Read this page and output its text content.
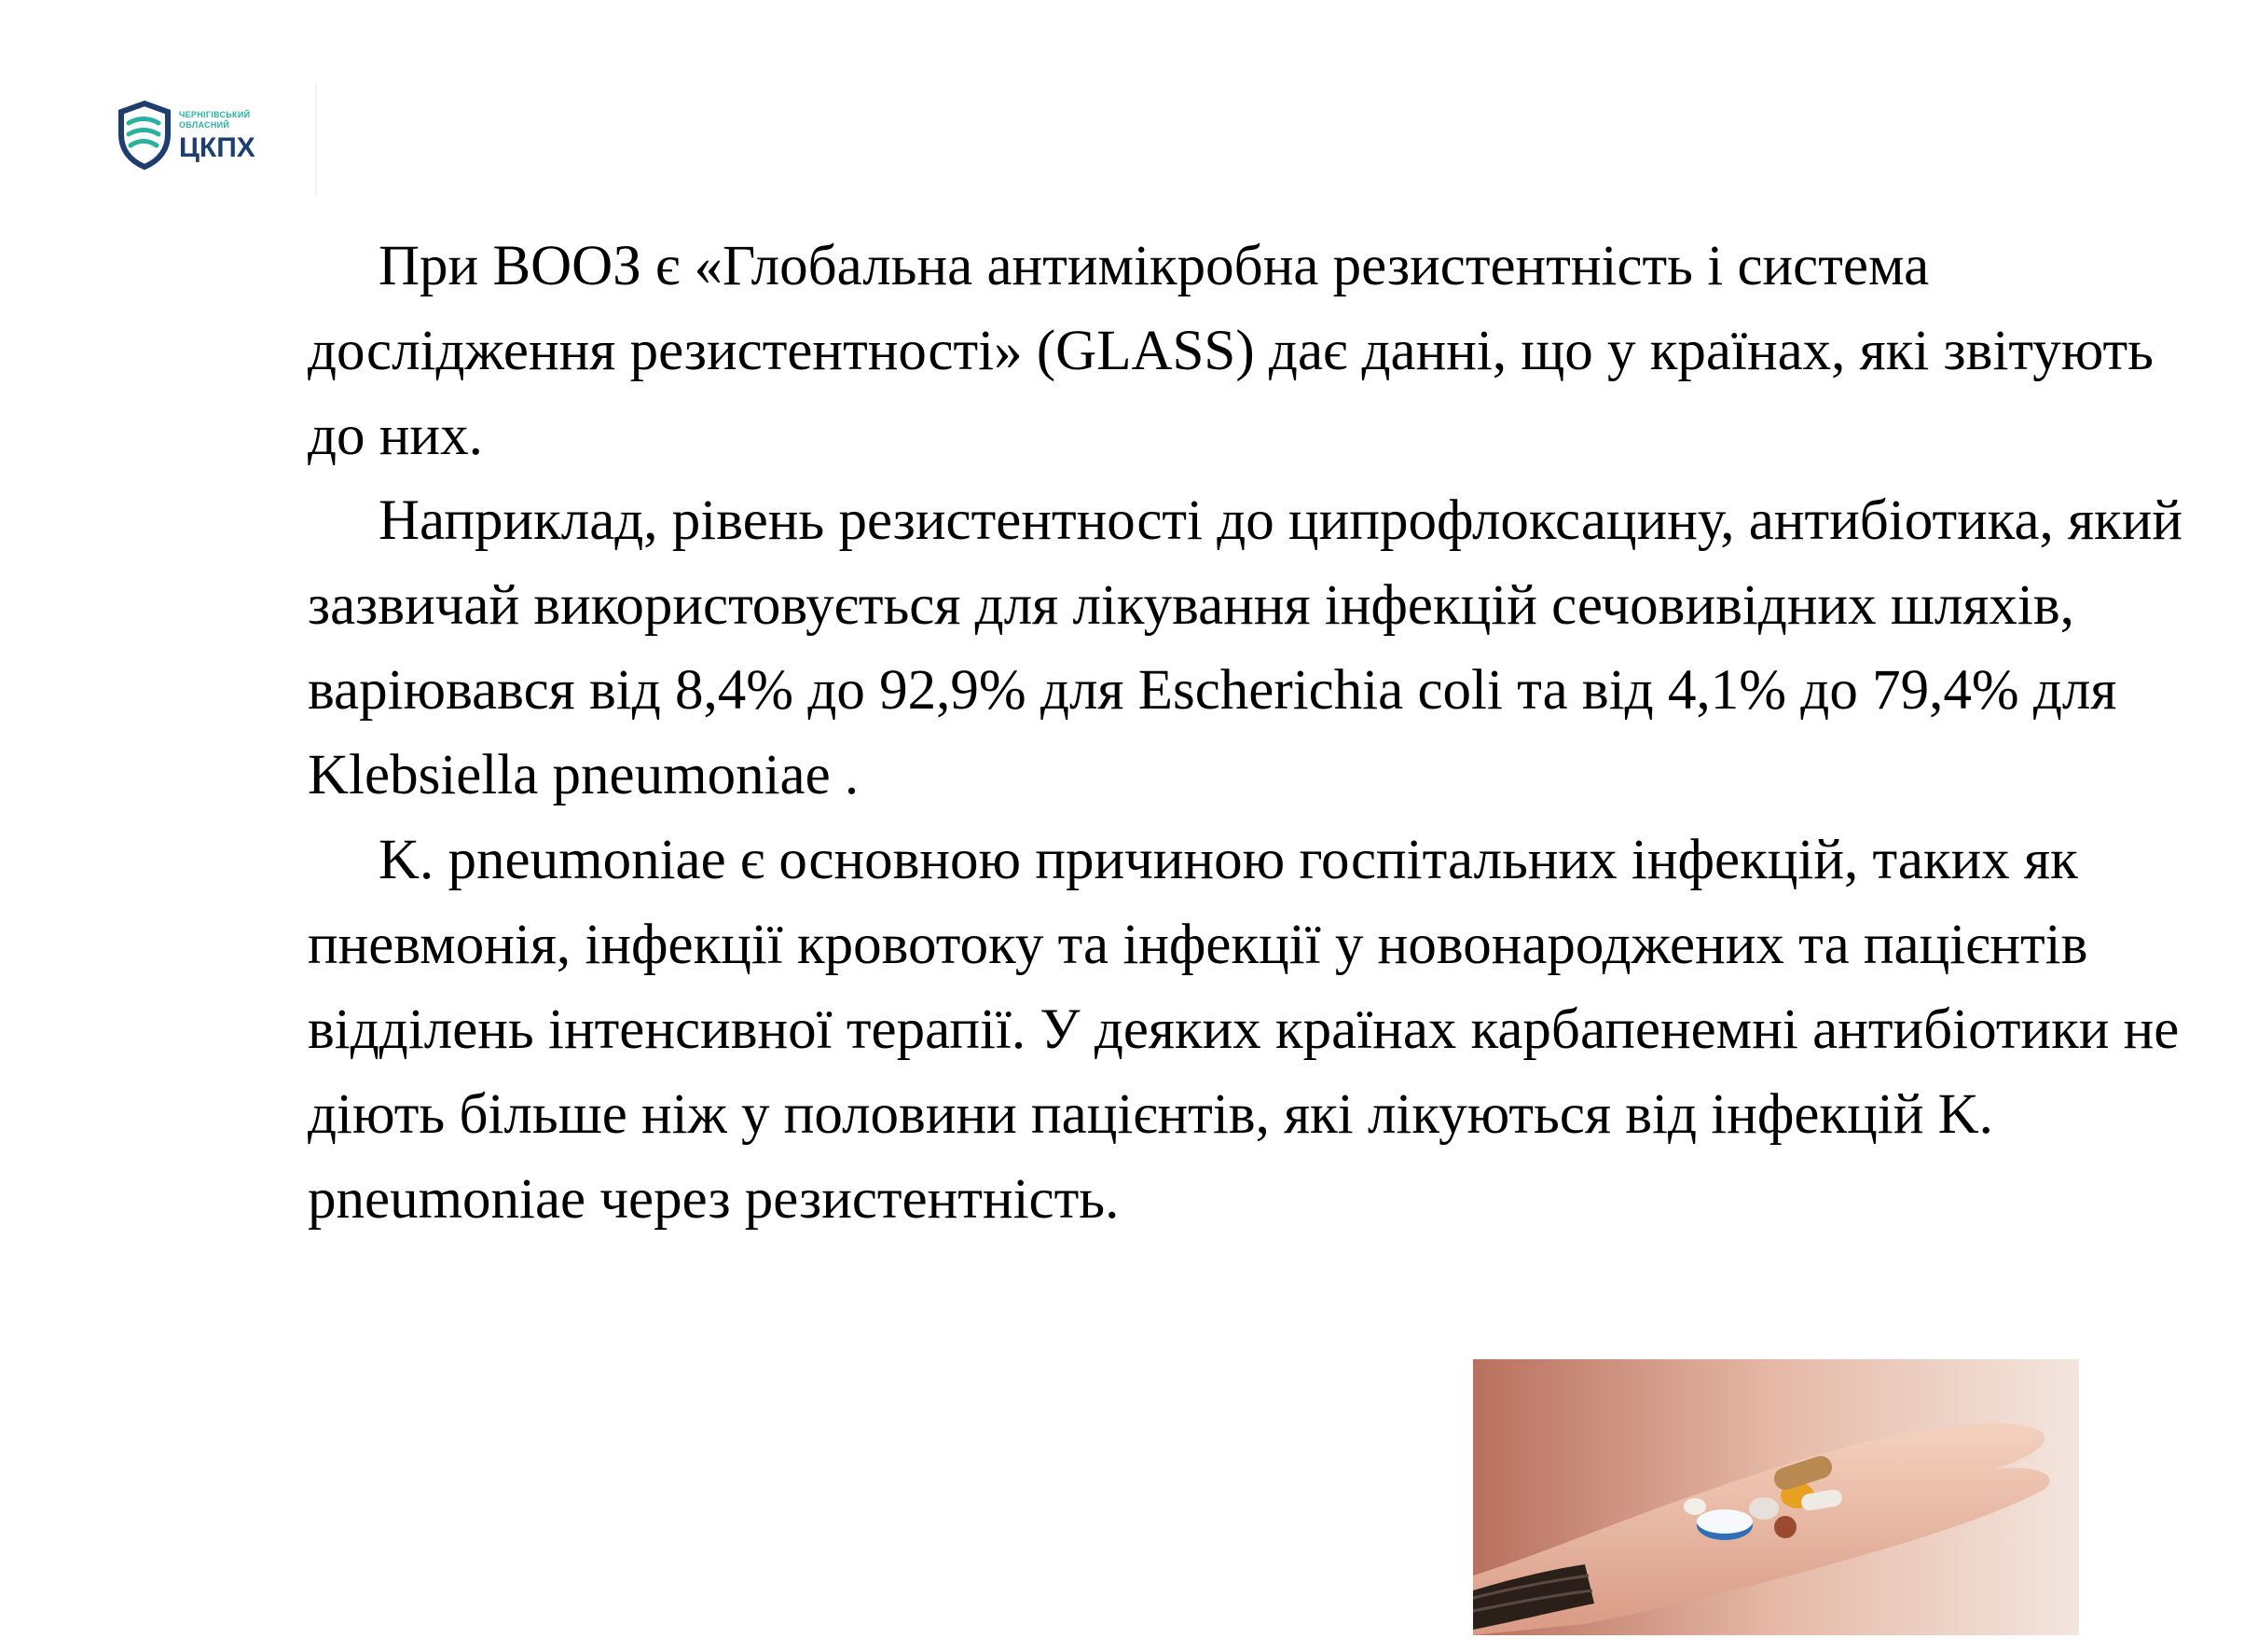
ЧЕРНІГІВСЬКИЙ
ОБЛАСНИЙ
ЦКПХ

При ВООЗ є «Глобальна антимікробна резистентність і система дослідження резистентності» (GLASS) дає данні, що у країнах, які звітують до них.

Наприклад, рівень резистентності до ципрофлоксацину, антибіотика, який зазвичай використовується для лікування інфекцій сечовивідних шляхів, варіювався від 8,4% до 92,9% для Escherichia coli та від 4,1% до 79,4% для Klebsiella pneumoniae .

K. pneumoniae є основною причиною госпітальних інфекцій, таких як пневмонія, інфекції кровотоку та інфекції у новонароджених та пацієнтів відділень інтенсивної терапії. У деяких країнах карбапенемні антибіотики не діють більше ніж у половини пацієнтів, які лікуються від інфекцій K. pneumoniae через резистентність.
